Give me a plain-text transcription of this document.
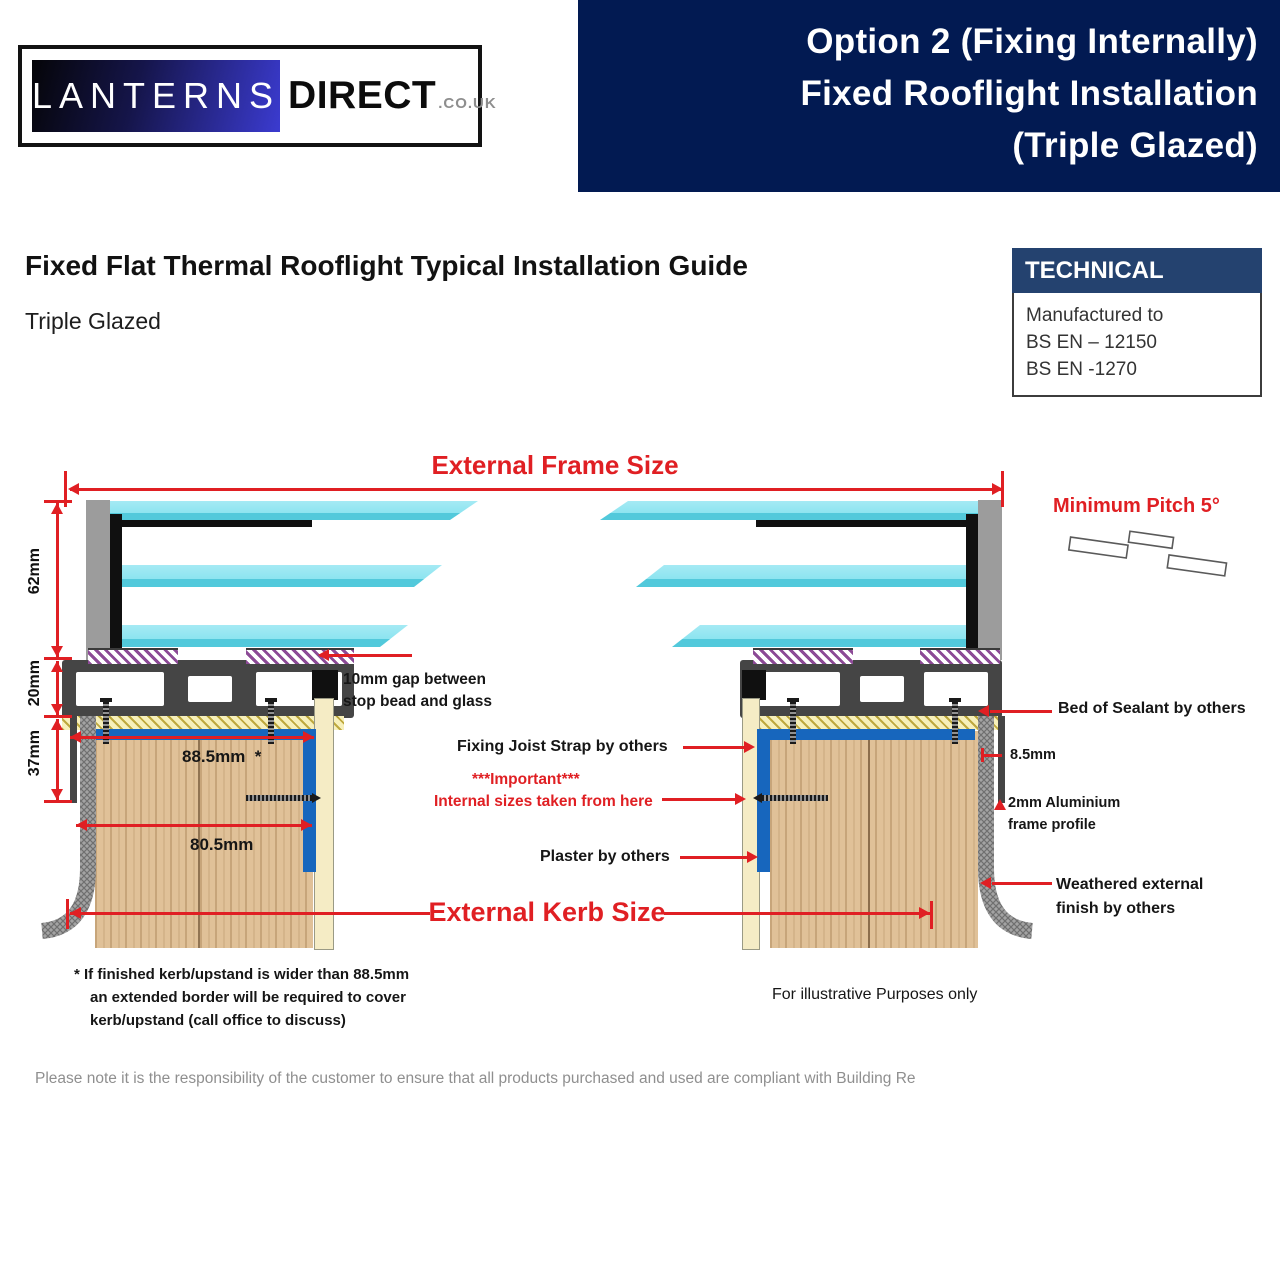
Option 2 (Fixing Internally)
Fixed Rooflight Installation
(Triple Glazed)
LANTERNS DIRECT .CO.UK
Fixed Flat Thermal Rooflight Typical Installation Guide
Triple Glazed
TECHNICAL
Manufactured to
BS EN – 12150
BS EN -1270
External Frame Size
62mm
20mm
37mm	88.5mm *
80.5mm
External Kerb Size
Minimum Pitch 5°
10mm gap between
stop bead and glass
Fixing Joist Strap by others
***Important***
Internal sizes taken from here
Plaster by others
Bed of Sealant by others
8.5mm
2mm Aluminium
frame profile
Weathered external
finish by others
* If finished kerb/upstand is wider than 88.5mm
an extended border will be required to cover
kerb/upstand (call office to discuss)
For illustrative Purposes only
Please note it is the responsibility of the customer to ensure that all products purchased and used are compliant with Building Re
